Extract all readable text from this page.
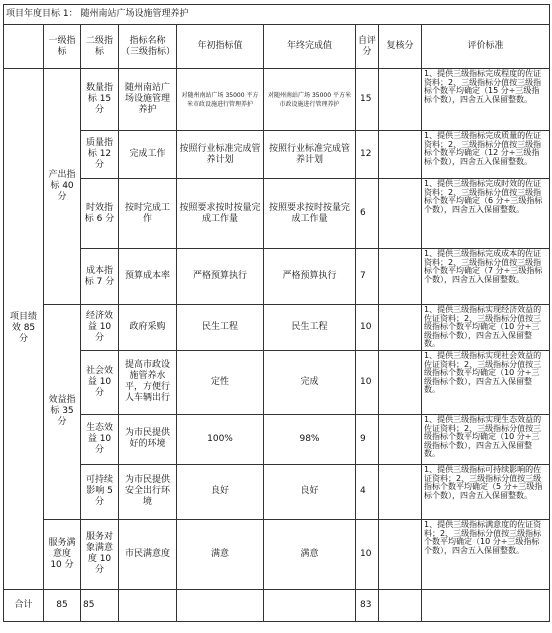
项目年度目标 1： 随州南站广场设施管理养护								
	一级指标	二级指标	指标名称（三级指标）	年初指标值	年终完成值	自评分	复核分	评价标准
项目绩效 85 分	产出指标 40 分	数量指标 15 分	随州南站广场设施管理养护	对随州南站广场 35000 平方米市政设施进行管理养护	对随州南站广场 35000 平方米市政设施进行管理养护	15		1、提供三级指标完成程度的佐证资料；2、三级指标分值按三级指标个数平均确定（15 分÷三级指标个数），四舍五入保留整数。
		质量指标 12 分	完成工作	按照行业标准完成管养计划	按照行业标准完成管养计划	12		1、提供三级指标完成质量的佐证资料；2、三级指标分值按三级指标个数平均确定（12 分÷三级指标个数），四舍五入保留整数。
		时效指标 6 分	按时完成工作	按照要求按时按量完成工作量	按照要求按时按量完成工作量	6		1、提供三级指标完成时效的佐证资料；2、三级指标分值按三级指标个数平均确定（6 分÷三级指标个数），四舍五入保留整数。
		成本指标 7 分	预算成本率	严格预算执行	严格预算执行	7		1、提供三级指标完成成本的佐证资料；2、三级指标分值按三级指标个数平均确定（7 分÷三级指标个数），四舍五入保留整数。
	效益指标 35 分	经济效益 10 分	政府采购	民生工程	民生工程	10		1、提供三级指标实现经济效益的佐证资料；2、三级指标分值按三级指标个数平均确定（10 分÷三级指标个数），四舍五入保留整数。
		社会效益 10 分	提高市政设施管养水平，方便行人车辆出行	定性	完成	10		1、提供三级指标实现社会效益的佐证资料；2、三级指标分值按三级指标个数平均确定（10 分÷三级指标个数），四舍五入保留整数。
		生态效益 10 分	为市民提供好的环境	100%	98%	9		1、提供三级指标实现生态效益的佐证资料；2、三级指标分值按三级指标个数平均确定（10 分÷三级指标个数），四舍五入保留整数。
		可持续影响 5 分	为市民提供安全出行环境	良好	良好	4		1、提供三级指标可持续影响的佐证资料；2、三级指标分值按三级指标个数平均确定（5 分÷三级指标个数），四舍五入保留整数。
	服务满意度 10 分	服务对象满意度 10 分	市民满意度	满意	满意	10		1、提供三级指标满意度的佐证资料；2、三级指标分值按三级指标个数平均确定（10 分÷三级指标个数），四舍五入保留整数。
合计	85	85				83		
